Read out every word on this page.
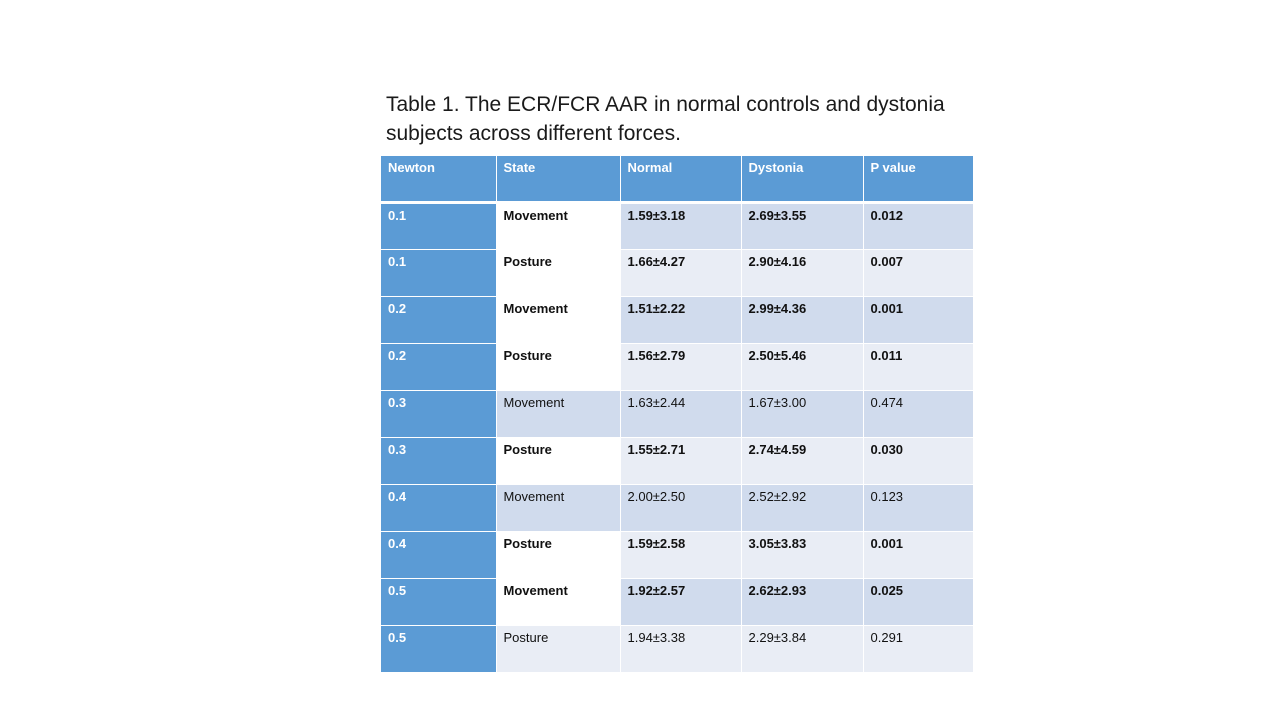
Table 1. The ECR/FCR AAR in normal controls and dystonia
subjects across different forces.
Newton	State	Normal	Dystonia	P value
0.1	Movement	1.59±3.18	2.69±3.55	0.012
0.1	Posture	1.66±4.27	2.90±4.16	0.007
0.2	Movement	1.51±2.22	2.99±4.36	0.001
0.2	Posture	1.56±2.79	2.50±5.46	0.011
0.3	Movement	1.63±2.44	1.67±3.00	0.474
0.3	Posture	1.55±2.71	2.74±4.59	0.030
0.4	Movement	2.00±2.50	2.52±2.92	0.123
0.4	Posture	1.59±2.58	3.05±3.83	0.001
0.5	Movement	1.92±2.57	2.62±2.93	0.025
0.5	Posture	1.94±3.38	2.29±3.84	0.291
